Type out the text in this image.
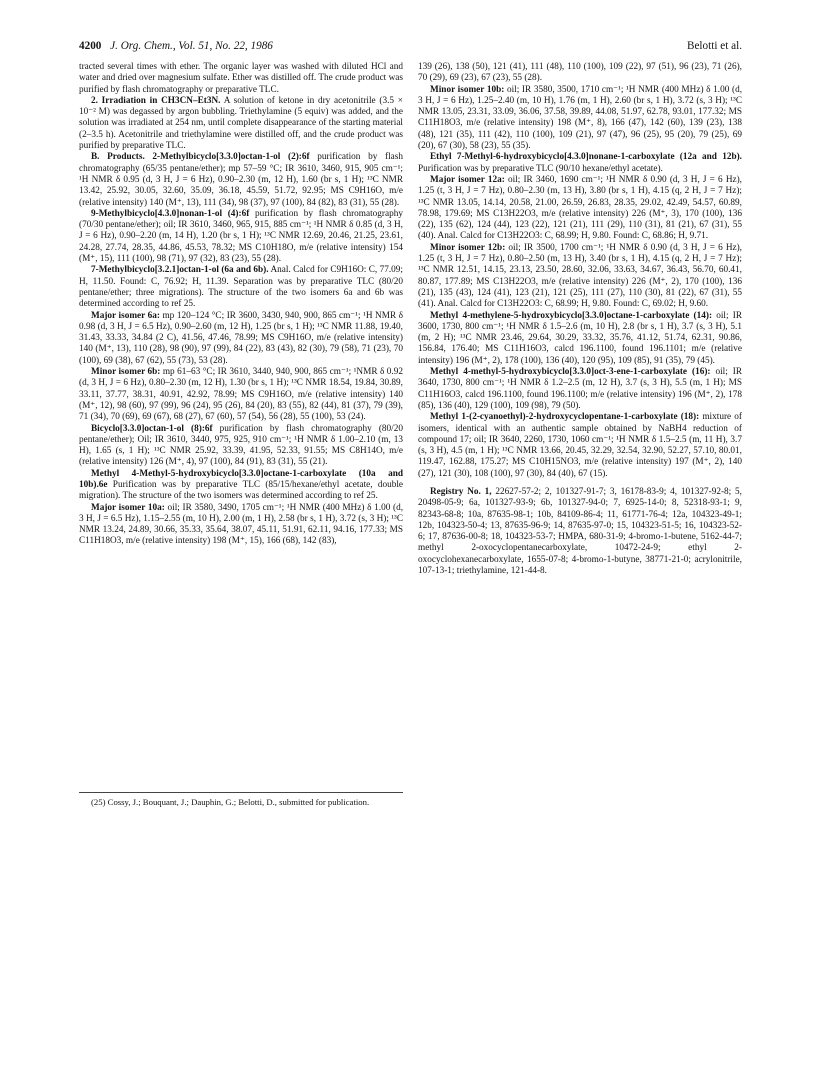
4200 J. Org. Chem., Vol. 51, No. 22, 1986	Belotti et al.

tracted several times with ether. The organic layer was washed with diluted HCl and water and dried over magnesium sulfate. Ether was distilled off. The crude product was purified by flash chromatography or preparative TLC.

2. Irradiation in CH3CN–Et3N. A solution of ketone in dry acetonitrile (3.5 × 10⁻² M) was degassed by argon bubbling. Triethylamine (5 equiv) was added, and the solution was irradiated at 254 nm, until complete disappearance of the starting material (2–3.5 h). Acetonitrile and triethylamine were distilled off, and the crude product was purified by preparative TLC.

B. Products. 2-Methylbicyclo[3.3.0]octan-1-ol (2):6f purification by flash chromatography (65/35 pentane/ether); mp 57–59 °C; IR 3610, 3460, 915, 905 cm⁻¹; ¹H NMR δ 0.95 (d, 3 H, J = 6 Hz), 0.90–2.30 (m, 12 H), 1.60 (br s, 1 H); ¹³C NMR 13.42, 25.92, 30.05, 32.60, 35.09, 36.18, 45.59, 51.72, 92.95; MS C9H16O, m/e (relative intensity) 140 (M⁺, 13), 111 (34), 98 (37), 97 (100), 84 (82), 83 (31), 55 (28).

9-Methylbicyclo[4.3.0]nonan-1-ol (4):6f purification by flash chromatography (70/30 pentane/ether); oil; IR 3610, 3460, 965, 915, 885 cm⁻¹; ¹H NMR δ 0.85 (d, 3 H, J = 6 Hz), 0.90–2.20 (m, 14 H), 1.20 (br s, 1 H); ¹³C NMR 12.69, 20.46, 21.25, 23.61, 24.28, 27.74, 28.35, 44.86, 45.53, 78.32; MS C10H18O, m/e (relative intensity) 154 (M⁺, 15), 111 (100), 98 (71), 97 (32), 83 (23), 55 (28).

7-Methylbicyclo[3.2.1]octan-1-ol (6a and 6b). Anal. Calcd for C9H16O: C, 77.09; H, 11.50. Found: C, 76.92; H, 11.39. Separation was by preparative TLC (80/20 pentane/ether; three migrations). The structure of the two isomers 6a and 6b was determined according to ref 25.

Major isomer 6a: mp 120–124 °C; IR 3600, 3430, 940, 900, 865 cm⁻¹; ¹H NMR δ 0.98 (d, 3 H, J = 6.5 Hz), 0.90–2.60 (m, 12 H), 1.25 (br s, 1 H); ¹³C NMR 11.88, 19.40, 31.43, 33.33, 34.84 (2 C), 41.56, 47.46, 78.99; MS C9H16O, m/e (relative intensity) 140 (M⁺, 13), 110 (28), 98 (90), 97 (99), 84 (22), 83 (43), 82 (30), 79 (58), 71 (23), 70 (100), 69 (38), 67 (62), 55 (73), 53 (28).

Minor isomer 6b: mp 61–63 °C; IR 3610, 3440, 940, 900, 865 cm⁻¹; ¹NMR δ 0.92 (d, 3 H, J = 6 Hz), 0.80–2.30 (m, 12 H), 1.30 (br s, 1 H); ¹³C NMR 18.54, 19.84, 30.89, 33.11, 37.77, 38.31, 40.91, 42.92, 78.99; MS C9H16O, m/e (relative intensity) 140 (M⁺, 12), 98 (60), 97 (99), 96 (24), 95 (26), 84 (20), 83 (55), 82 (44), 81 (37), 79 (39), 71 (34), 70 (69), 69 (67), 68 (27), 67 (60), 57 (54), 56 (28), 55 (100), 53 (24).

Bicyclo[3.3.0]octan-1-ol (8):6f purification by flash chromatography (80/20 pentane/ether); Oil; IR 3610, 3440, 975, 925, 910 cm⁻¹; ¹H NMR δ 1.00–2.10 (m, 13 H), 1.65 (s, 1 H); ¹³C NMR 25.92, 33.39, 41.95, 52.33, 91.55; MS C8H14O, m/e (relative intensity) 126 (M⁺, 4), 97 (100), 84 (91), 83 (31), 55 (21).

Methyl 4-Methyl-5-hydroxybicyclo[3.3.0]octane-1-carboxylate (10a and 10b).6e Purification was by preparative TLC (85/15/hexane/ethyl acetate, double migration). The structure of the two isomers was determined according to ref 25.

Major isomer 10a: oil; IR 3580, 3490, 1705 cm⁻¹; ¹H NMR (400 MHz) δ 1.00 (d, 3 H, J = 6.5 Hz), 1.15–2.55 (m, 10 H), 2.00 (m, 1 H), 2.58 (br s, 1 H), 3.72 (s, 3 H); ¹³C NMR 13.24, 24.89, 30.66, 35.33, 35.64, 38.07, 45.11, 51.91, 62.11, 94.16, 177.33; MS C11H18O3, m/e (relative intensity) 198 (M⁺, 15), 166 (68), 142 (83),

139 (26), 138 (50), 121 (41), 111 (48), 110 (100), 109 (22), 97 (51), 96 (23), 71 (26), 70 (29), 69 (23), 67 (23), 55 (28).

Minor isomer 10b: oil; IR 3580, 3500, 1710 cm⁻¹; ¹H NMR (400 MHz) δ 1.00 (d, 3 H, J = 6 Hz), 1.25–2.40 (m, 10 H), 1.76 (m, 1 H), 2.60 (br s, 1 H), 3.72 (s, 3 H); ¹³C NMR 13.05, 23.31, 33.09, 36.06, 37.58, 39.89, 44.08, 51.97, 62.78, 93.01, 177.32; MS C11H18O3, m/e (relative intensity) 198 (M⁺, 8), 166 (47), 142 (60), 139 (23), 138 (48), 121 (35), 111 (42), 110 (100), 109 (21), 97 (47), 96 (25), 95 (20), 79 (25), 69 (20), 67 (30), 58 (23), 55 (35).

Ethyl 7-Methyl-6-hydroxybicyclo[4.3.0]nonane-1-carboxylate (12a and 12b). Purification was by preparative TLC (90/10 hexane/ethyl acetate).

Major isomer 12a: oil; IR 3460, 1690 cm⁻¹; ¹H NMR δ 0.90 (d, 3 H, J = 6 Hz), 1.25 (t, 3 H, J = 7 Hz), 0.80–2.30 (m, 13 H), 3.80 (br s, 1 H), 4.15 (q, 2 H, J = 7 Hz); ¹³C NMR 13.05, 14.14, 20.58, 21.00, 26.59, 26.83, 28.35, 29.02, 42.49, 54.57, 60.89, 78.98, 179.69; MS C13H22O3, m/e (relative intensity) 226 (M⁺, 3), 170 (100), 136 (22), 135 (62), 124 (44), 123 (22), 121 (21), 111 (29), 110 (31), 81 (21), 67 (31), 55 (40). Anal. Calcd for C13H22O3: C, 68.99; H, 9.80. Found: C, 68.86; H, 9.71.

Minor isomer 12b: oil; IR 3500, 1700 cm⁻¹; ¹H NMR δ 0.90 (d, 3 H, J = 6 Hz), 1.25 (t, 3 H, J = 7 Hz), 0.80–2.50 (m, 13 H), 3.40 (br s, 1 H), 4.15 (q, 2 H, J = 7 Hz); ¹³C NMR 12.51, 14.15, 23.13, 23.50, 28.60, 32.06, 33.63, 34.67, 36.43, 56.70, 60.41, 80.87, 177.89; MS C13H22O3, m/e (relative intensity) 226 (M⁺, 2), 170 (100), 136 (21), 135 (43), 124 (41), 123 (21), 121 (25), 111 (27), 110 (30), 81 (22), 67 (31), 55 (41). Anal. Calcd for C13H22O3: C, 68.99; H, 9.80. Found: C, 69.02; H, 9.60.

Methyl 4-methylene-5-hydroxybicyclo[3.3.0]octane-1-carboxylate (14): oil; IR 3600, 1730, 800 cm⁻¹; ¹H NMR δ 1.5–2.6 (m, 10 H), 2.8 (br s, 1 H), 3.7 (s, 3 H), 5.1 (m, 2 H); ¹³C NMR 23.46, 29.64, 30.29, 33.32, 35.76, 41.12, 51.74, 62.31, 90.86, 156.84, 176.40; MS C11H16O3, calcd 196.1100, found 196.1101; m/e (relative intensity) 196 (M⁺, 2), 178 (100), 136 (40), 120 (95), 109 (85), 91 (35), 79 (45).

Methyl 4-methyl-5-hydroxybicyclo[3.3.0]oct-3-ene-1-carboxylate (16): oil; IR 3640, 1730, 800 cm⁻¹; ¹H NMR δ 1.2–2.5 (m, 12 H), 3.7 (s, 3 H), 5.5 (m, 1 H); MS C11H16O3, calcd 196.1100, found 196.1100; m/e (relative intensity) 196 (M⁺, 2), 178 (85), 136 (40), 129 (100), 109 (98), 79 (50).

Methyl 1-(2-cyanoethyl)-2-hydroxycyclopentane-1-carboxylate (18): mixture of isomers, identical with an authentic sample obtained by NaBH4 reduction of compound 17; oil; IR 3640, 2260, 1730, 1060 cm⁻¹; ¹H NMR δ 1.5–2.5 (m, 11 H), 3.7 (s, 3 H), 4.5 (m, 1 H); ¹³C NMR 13.66, 20.45, 32.29, 32.54, 32.90, 52.27, 57.10, 80.01, 119.47, 162.88, 175.27; MS C10H15NO3, m/e (relative intensity) 197 (M⁺, 2), 140 (27), 121 (30), 108 (100), 97 (30), 84 (40), 67 (15).

Registry No. 1, 22627-57-2; 2, 101327-91-7; 3, 16178-83-9; 4, 101327-92-8; 5, 20498-05-9; 6a, 101327-93-9; 6b, 101327-94-0; 7, 6925-14-0; 8, 52318-93-1; 9, 82343-68-8; 10a, 87635-98-1; 10b, 84109-86-4; 11, 61771-76-4; 12a, 104323-49-1; 12b, 104323-50-4; 13, 87635-96-9; 14, 87635-97-0; 15, 104323-51-5; 16, 104323-52-6; 17, 87636-00-8; 18, 104323-53-7; HMPA, 680-31-9; 4-bromo-1-butene, 5162-44-7; methyl 2-oxocyclopentanecarboxylate, 10472-24-9; ethyl 2-oxocyclohexanecarboxylate, 1655-07-8; 4-bromo-1-butyne, 38771-21-0; acrylonitrile, 107-13-1; triethylamine, 121-44-8.

(25) Cossy, J.; Bouquant, J.; Dauphin, G.; Belotti, D., submitted for publication.
